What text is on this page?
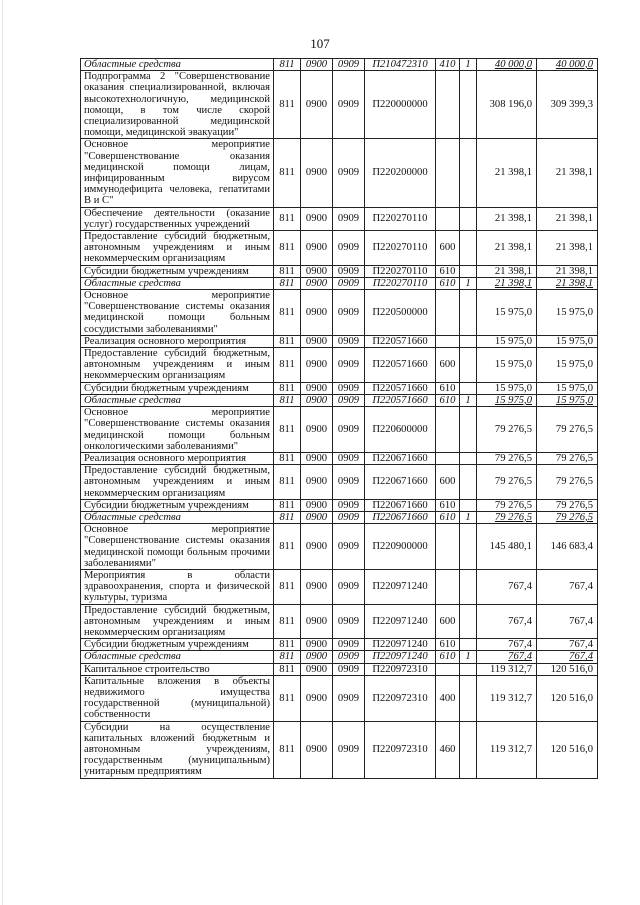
107
Областные средства	811	0900	0909	П210472310	410	1	40 000,0	40 000,0
Подпрограмма 2 "Совершенствование оказания специализированной, включая высокотехнологичную, медицинской помощи, в том числе скорой специализированной медицинской помощи, медицинской эвакуации"	811	0900	0909	П220000000			308 196,0	309 399,3
Основное мероприятие "Совершенствование оказания медицинской помощи лицам, инфицированным вирусом иммунодефицита человека, гепатитами В и С"	811	0900	0909	П220200000			21 398,1	21 398,1
Обеспечение деятельности (оказание услуг) государственных учреждений	811	0900	0909	П220270110			21 398,1	21 398,1
Предоставление субсидий бюджетным, автономным учреждениям и иным некоммерческим организациям	811	0900	0909	П220270110	600		21 398,1	21 398,1
Субсидии бюджетным учреждениям	811	0900	0909	П220270110	610		21 398,1	21 398,1
Областные средства	811	0900	0909	П220270110	610	1	21 398,1	21 398,1
Основное мероприятие "Совершенствование системы оказания медицинской помощи больным сосудистыми заболеваниями"	811	0900	0909	П220500000			15 975,0	15 975,0
Реализация основного мероприятия	811	0900	0909	П220571660			15 975,0	15 975,0
Предоставление субсидий бюджетным, автономным учреждениям и иным некоммерческим организациям	811	0900	0909	П220571660	600		15 975,0	15 975,0
Субсидии бюджетным учреждениям	811	0900	0909	П220571660	610		15 975,0	15 975,0
Областные средства	811	0900	0909	П220571660	610	1	15 975,0	15 975,0
Основное мероприятие "Совершенствование системы оказания медицинской помощи больным онкологическими заболеваниями"	811	0900	0909	П220600000			79 276,5	79 276,5
Реализация основного мероприятия	811	0900	0909	П220671660			79 276,5	79 276,5
Предоставление субсидий бюджетным, автономным учреждениям и иным некоммерческим организациям	811	0900	0909	П220671660	600		79 276,5	79 276,5
Субсидии бюджетным учреждениям	811	0900	0909	П220671660	610		79 276,5	79 276,5
Областные средства	811	0900	0909	П220671660	610	1	79 276,5	79 276,5
Основное мероприятие "Совершенствование системы оказания медицинской помощи больным прочими заболеваниями"	811	0900	0909	П220900000			145 480,1	146 683,4
Мероприятия в области здравоохранения, спорта и физической культуры, туризма	811	0900	0909	П220971240			767,4	767,4
Предоставление субсидий бюджетным, автономным учреждениям и иным некоммерческим организациям	811	0900	0909	П220971240	600		767,4	767,4
Субсидии бюджетным учреждениям	811	0900	0909	П220971240	610		767,4	767,4
Областные средства	811	0900	0909	П220971240	610	1	767,4	767,4
Капитальное строительство	811	0900	0909	П220972310			119 312,7	120 516,0
Капитальные вложения в объекты недвижимого имущества государственной (муниципальной) собственности	811	0900	0909	П220972310	400		119 312,7	120 516,0
Субсидии на осуществление капитальных вложений бюджетным и автономным учреждениям, государственным (муниципальным) унитарным предприятиям	811	0900	0909	П220972310	460		119 312,7	120 516,0
